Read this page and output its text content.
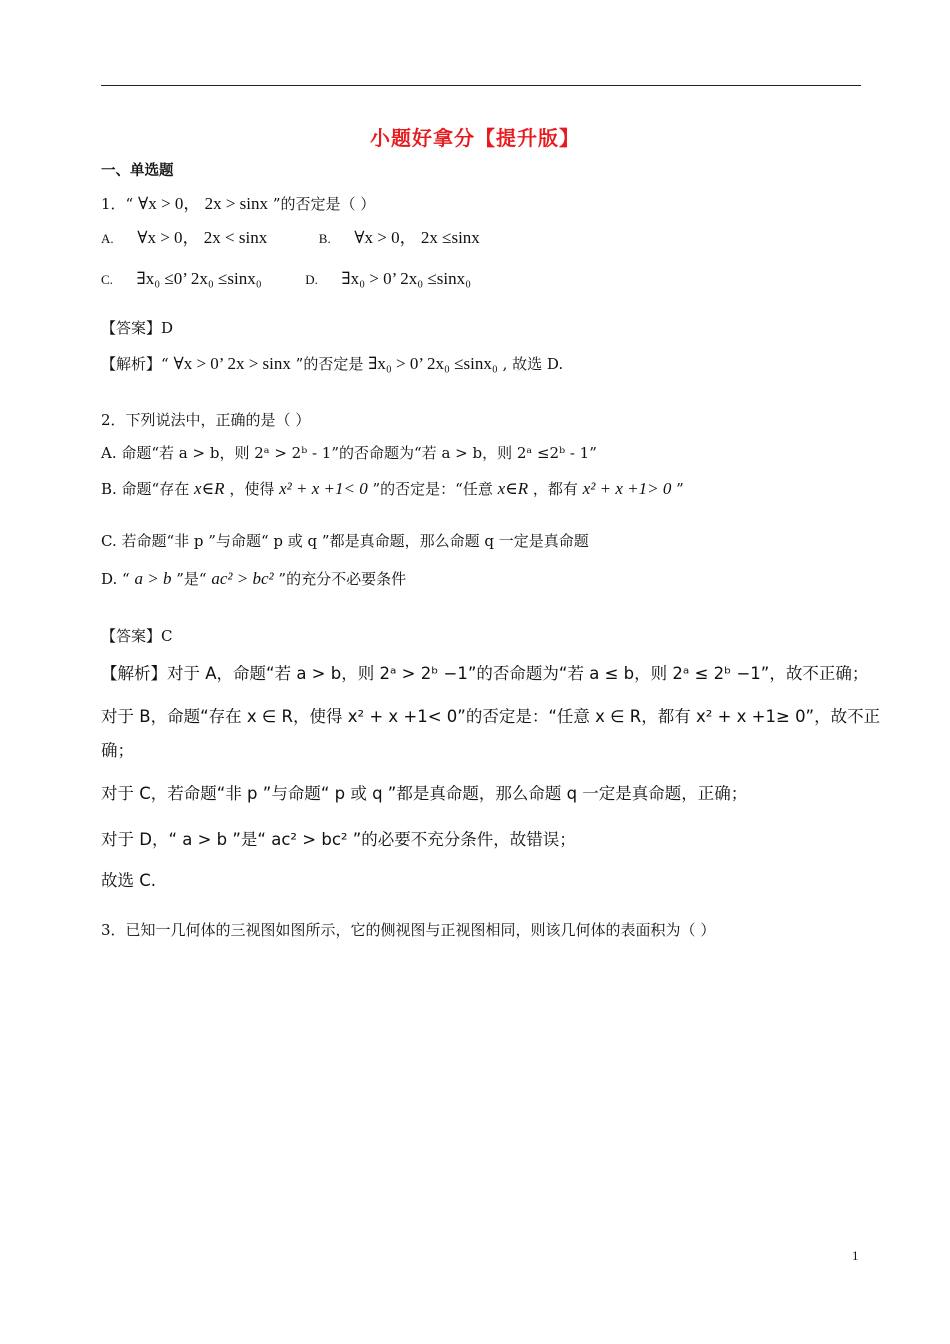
小题好拿分【提升版】
一、单选题
1．“ ∀x > 0， 2x > sinx ”的否定是（ ）
A. ∀x > 0， 2x < sinx	B. ∀x > 0， 2x ≤sinx
C. ∃x₀ ≤0’ 2x₀ ≤sinx₀	D. ∃x₀ > 0’ 2x₀ ≤sinx₀
【答案】D
【解析】“ ∀x > 0’ 2x > sinx ”的否定是 ∃x₀ > 0’ 2x₀ ≤sinx₀ , 故选 D.
2．下列说法中，正确的是（ ）
A. 命题“若 a > b，则 2ᵃ > 2ᵇ - 1”的否命题为“若 a > b，则 2ᵃ ≤2ᵇ - 1”
B. 命题“存在 x∈R ，使得 x² + x +1< 0 ”的否定是：“任意 x∈R ，都有 x² + x +1> 0 ”
C. 若命题“非 p ”与命题“ p 或 q ”都是真命题，那么命题 q 一定是真命题
D. “ a > b ”是“ ac² > bc² ”的充分不必要条件
【答案】C
【解析】对于 A，命题“若 a > b，则 2ᵃ > 2ᵇ −1”的否命题为“若 a ≤ b，则 2ᵃ ≤ 2ᵇ −1”，故不正确；
对于 B，命题“存在 x ∈ R，使得 x² + x +1< 0”的否定是：“任意 x ∈ R，都有 x² + x +1≥ 0”，故不正
确；
对于 C，若命题“非 p ”与命题“ p 或 q ”都是真命题，那么命题 q 一定是真命题，正确；
对于 D，“ a > b ”是“ ac² > bc² ”的必要不充分条件，故错误；
故选 C.
3．已知一几何体的三视图如图所示，它的侧视图与正视图相同，则该几何体的表面积为（ ）
1
